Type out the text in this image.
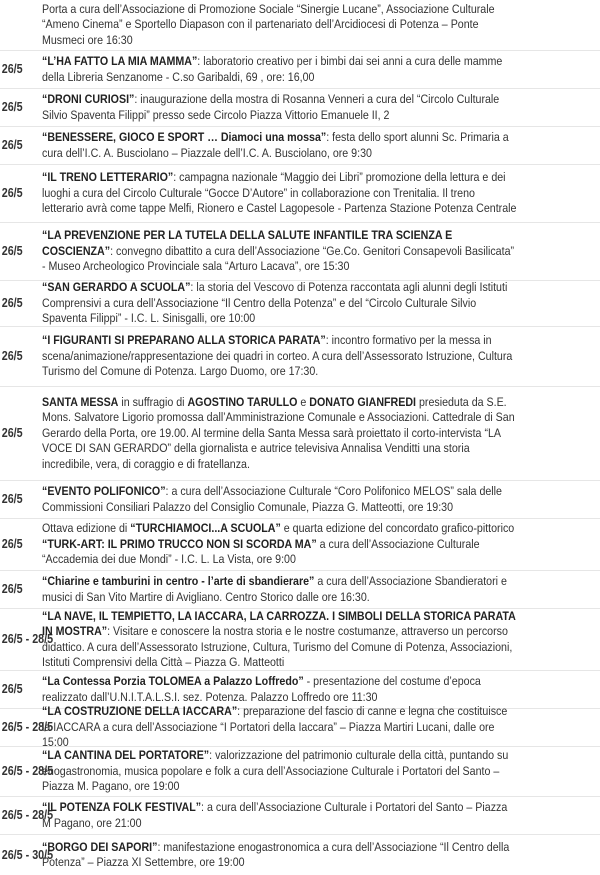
Porta a cura dell’Associazione di Promozione Sociale “Sinergie Lucane”, Associazione Culturale “Ameno Cinema” e Sportello Diapason con il partenariato dell’Arcidiocesi di Potenza – Ponte Musmeci ore 16:30
26/5
“L’HA FATTO LA MIA MAMMA”: laboratorio creativo per i bimbi dai sei anni a cura delle mamme della Libreria Senzanome - C.so Garibaldi, 69 , ore: 16,00
26/5
“DRONI CURIOSI”: inaugurazione della mostra di Rosanna Venneri a cura del “Circolo Culturale Silvio Spaventa Filippi” presso sede Circolo Piazza Vittorio Emanuele II, 2
26/5
“BENESSERE, GIOCO E SPORT … Diamoci una mossa”: festa dello sport alunni Sc. Primaria a cura dell’I.C. A. Busciolano – Piazzale dell’I.C. A. Busciolano, ore 9:30
26/5
“IL TRENO LETTERARIO”: campagna nazionale “Maggio dei Libri” promozione della lettura e dei luoghi a cura del Circolo Culturale “Gocce D’Autore” in collaborazione con Trenitalia. Il treno letterario avrà come tappe Melfi, Rionero e Castel Lagopesole - Partenza Stazione Potenza Centrale
26/5
“LA PREVENZIONE PER LA TUTELA DELLA SALUTE INFANTILE TRA SCIENZA E COSCIENZA”: convegno dibattito a cura dell’Associazione “Ge.Co. Genitori Consapevoli Basilicata” - Museo Archeologico Provinciale sala “Arturo Lacava”, ore 15:30
26/5
“SAN GERARDO A SCUOLA”: la storia del Vescovo di Potenza raccontata agli alunni degli Istituti Comprensivi a cura dell’Associazione “Il Centro della Potenza” e del “Circolo Culturale Silvio Spaventa Filippi” - I.C. L. Sinisgalli, ore 10:00
26/5
“I FIGURANTI SI PREPARANO ALLA STORICA PARATA”: incontro formativo per la messa in scena/animazione/rappresentazione dei quadri in corteo. A cura dell’Assessorato Istruzione, Cultura Turismo del Comune di Potenza. Largo Duomo, ore 17:30.
26/5
SANTA MESSA in suffragio di AGOSTINO TARULLO e DONATO GIANFREDI presieduta da S.E. Mons. Salvatore Ligorio promossa dall’Amministrazione Comunale e Associazioni. Cattedrale di San Gerardo della Porta, ore 19.00. Al termine della Santa Messa sarà proiettato il corto-intervista “LA VOCE DI SAN GERARDO” della giornalista e autrice televisiva Annalisa Venditti una storia incredibile, vera, di coraggio e di fratellanza.
26/5
“EVENTO POLIFONICO”: a cura dell’Associazione Culturale “Coro Polifonico MELOS” sala delle Commissioni Consiliari Palazzo del Consiglio Comunale, Piazza G. Matteotti, ore 19:30
26/5
Ottava edizione di “TURCHIAMOCI...A SCUOLA” e quarta edizione del concordato grafico-pittorico “TURK-ART: IL PRIMO TRUCCO NON SI SCORDA MA” a cura dell’Associazione Culturale “Accademia dei due Mondi” - I.C. L. La Vista, ore 9:00
26/5
“Chiarine e tamburini in centro - l’arte di sbandierare” a cura dell’Associazione Sbandieratori e musici di San Vito Martire di Avigliano. Centro Storico dalle ore 16:30.
26/5 - 28/5
“LA NAVE, IL TEMPIETTO, LA IACCARA, LA CARROZZA. I SIMBOLI DELLA STORICA PARATA IN MOSTRA”: Visitare e conoscere la nostra storia e le nostre costumanze, attraverso un percorso didattico. A cura dell’Assessorato Istruzione, Cultura, Turismo del Comune di Potenza, Associazioni, Istituti Comprensivi della Città – Piazza G. Matteotti
26/5
“La Contessa Porzia TOLOMEA a Palazzo Loffredo” - presentazione del costume d’epoca realizzato dall’U.N.I.T.A.L.S.I. sez. Potenza. Palazzo Loffredo ore 11:30
26/5 - 28/5
“LA COSTRUZIONE DELLA IACCARA”: preparazione del fascio di canne e legna che costituisce la IACCARA a cura dell’Associazione “I Portatori della Iaccara” – Piazza Martiri Lucani, dalle ore 15:00
26/5 - 28/5
“LA CANTINA DEL PORTATORE”: valorizzazione del patrimonio culturale della città, puntando su enogastronomia, musica popolare e folk a cura dell’Associazione Culturale i Portatori del Santo – Piazza M. Pagano, ore 19:00
26/5 - 28/5
“IL POTENZA FOLK FESTIVAL”: a cura dell’Associazione Culturale i Portatori del Santo – Piazza M Pagano, ore 21:00
26/5 - 30/5
“BORGO DEI SAPORI”: manifestazione enogastronomica a cura dell’Associazione “Il Centro della Potenza” – Piazza XI Settembre, ore 19:00
